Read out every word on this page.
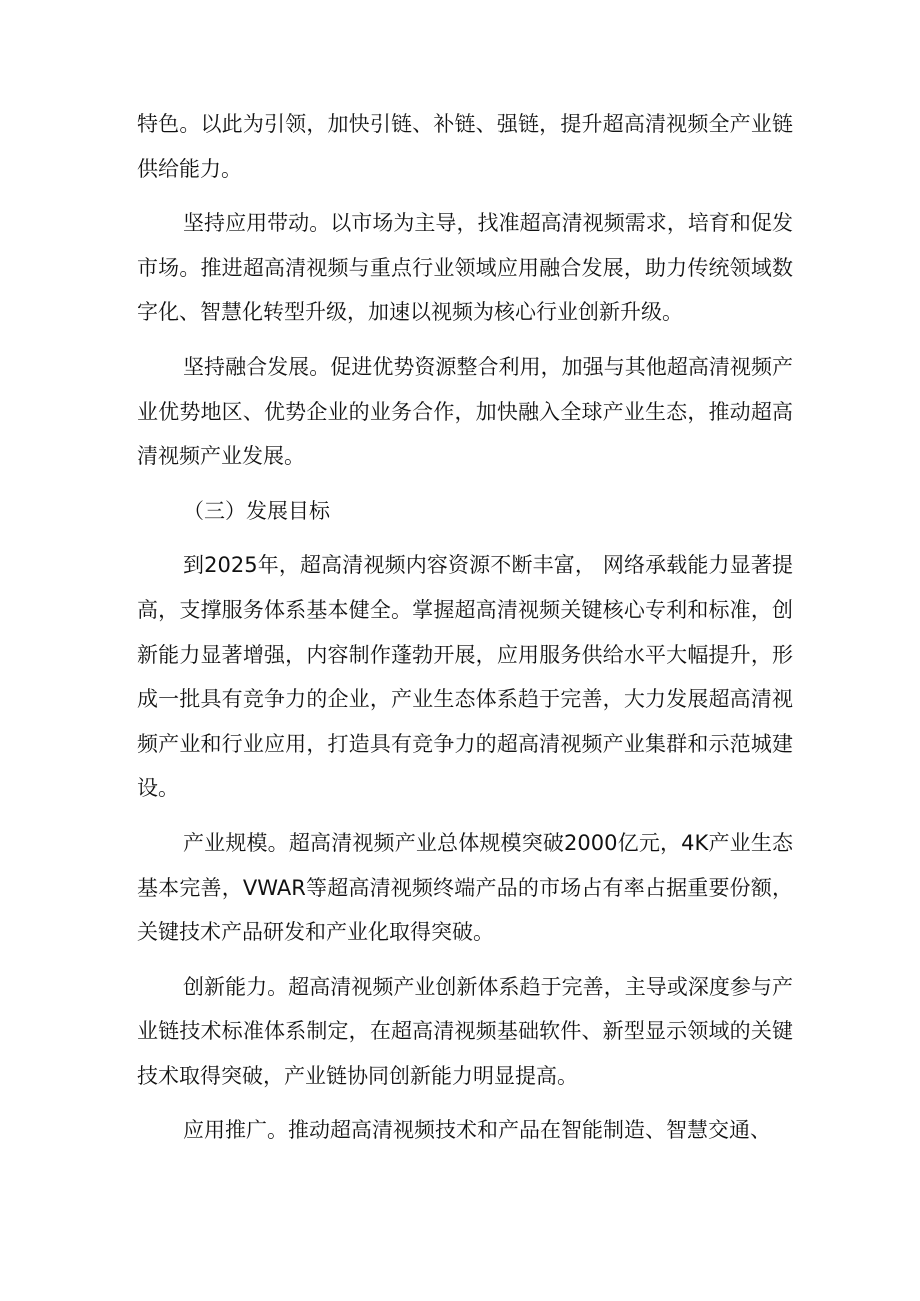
特色。以此为引领，加快引链、补链、强链，提升超高清视频全产业链供给能力。

坚持应用带动。以市场为主导，找准超高清视频需求，培育和促发市场。推进超高清视频与重点行业领域应用融合发展，助力传统领域数字化、智慧化转型升级，加速以视频为核心行业创新升级。

坚持融合发展。促进优势资源整合利用，加强与其他超高清视频产业优势地区、优势企业的业务合作，加快融入全球产业生态，推动超高清视频产业发展。

（三）发展目标

到2025年，超高清视频内容资源不断丰富， 网络承载能力显著提高，支撑服务体系基本健全。掌握超高清视频关键核心专利和标准，创新能力显著增强，内容制作蓬勃开展，应用服务供给水平大幅提升，形成一批具有竞争力的企业，产业生态体系趋于完善，大力发展超高清视频产业和行业应用，打造具有竞争力的超高清视频产业集群和示范城建设。

产业规模。超高清视频产业总体规模突破2000亿元，4K产业生态基本完善，VWAR等超高清视频终端产品的市场占有率占据重要份额，关键技术产品研发和产业化取得突破。

创新能力。超高清视频产业创新体系趋于完善，主导或深度参与产业链技术标准体系制定，在超高清视频基础软件、新型显示领域的关键技术取得突破，产业链协同创新能力明显提高。

应用推广。推动超高清视频技术和产品在智能制造、智慧交通、
